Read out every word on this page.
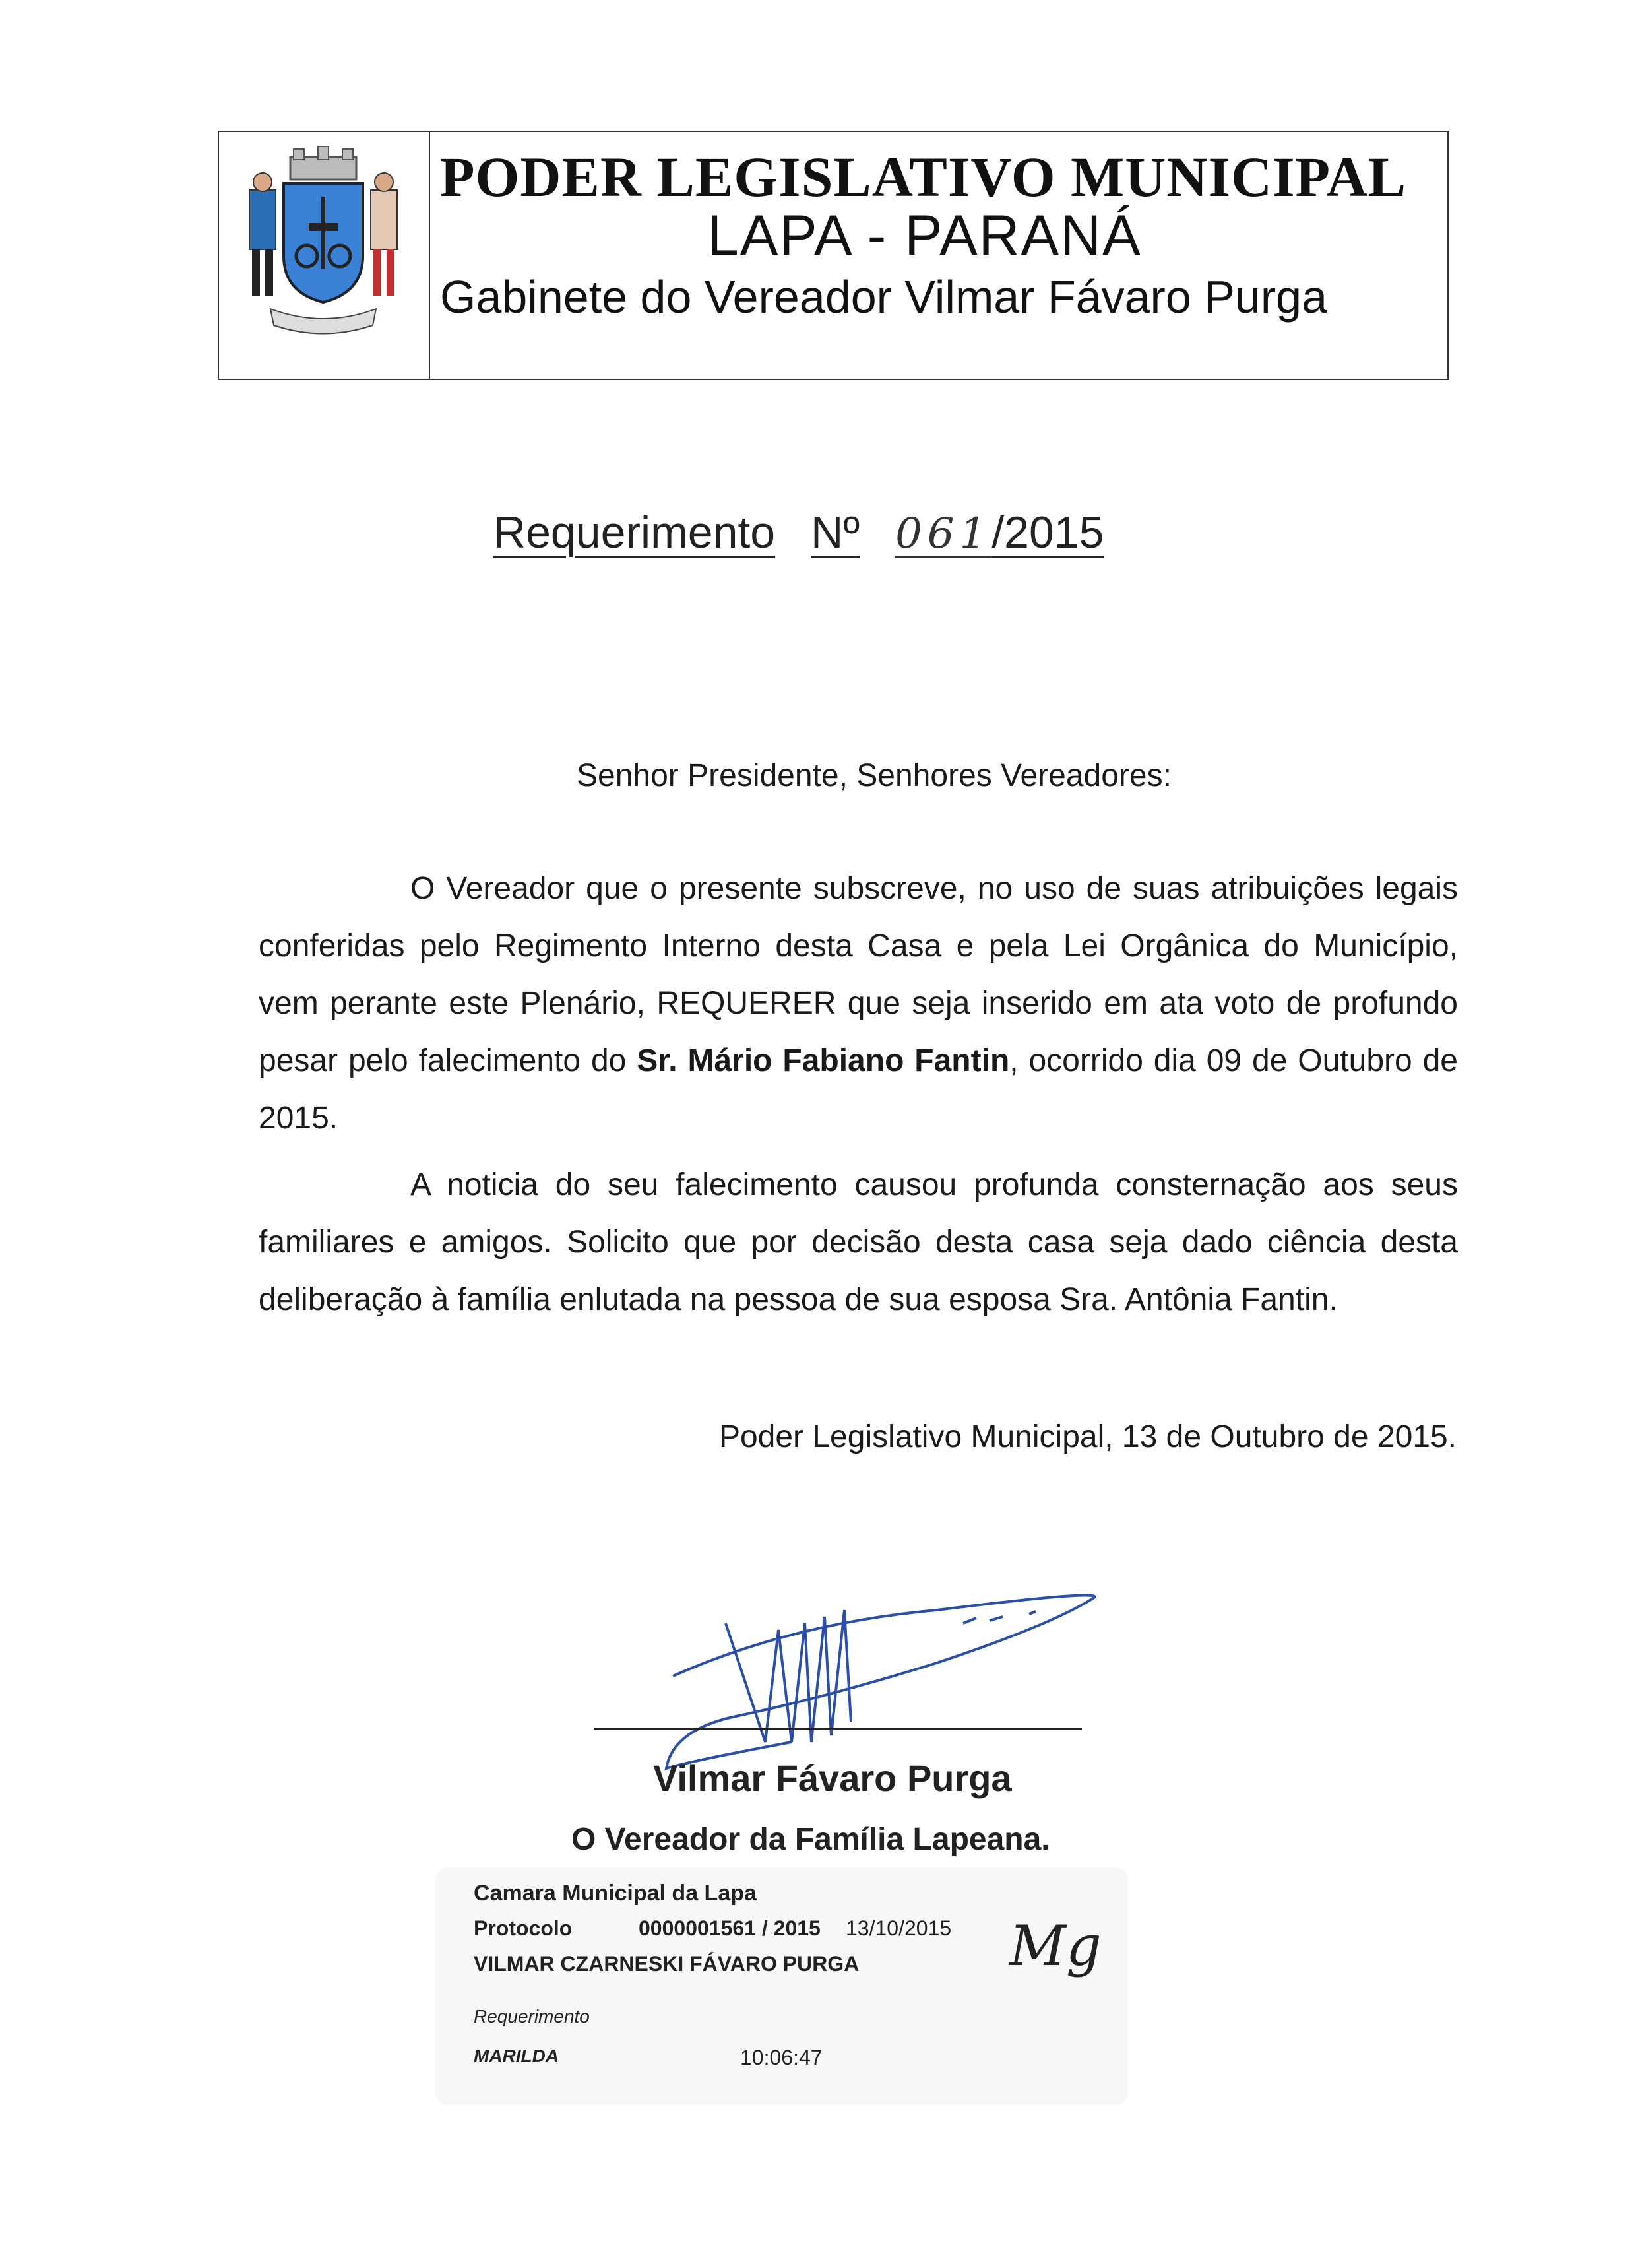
PODER LEGISLATIVO MUNICIPAL
LAPA - PARANÁ
Gabinete do Vereador Vilmar Fávaro Purga
Requerimento Nº 061/2015
Senhor Presidente, Senhores Vereadores:
O Vereador que o presente subscreve, no uso de suas atribuições legais conferidas pelo Regimento Interno desta Casa e pela Lei Orgânica do Município, vem perante este Plenário, REQUERER que seja inserido em ata voto de profundo pesar pelo falecimento do Sr. Mário Fabiano Fantin, ocorrido dia 09 de Outubro de 2015.
A noticia do seu falecimento causou profunda consternação aos seus familiares e amigos. Solicito que por decisão desta casa seja dado ciência desta deliberação à família enlutada na pessoa de sua esposa Sra. Antônia Fantin.
Poder Legislativo Municipal, 13 de Outubro de 2015.
Vilmar Fávaro Purga
O Vereador da Família Lapeana.
Camara Municipal da Lapa
Protocolo	0000001561 / 2015 13/10/2015
VILMAR CZARNESKI FÁVARO PURGA
Requerimento
MARILDA	10:06:47
Mg
